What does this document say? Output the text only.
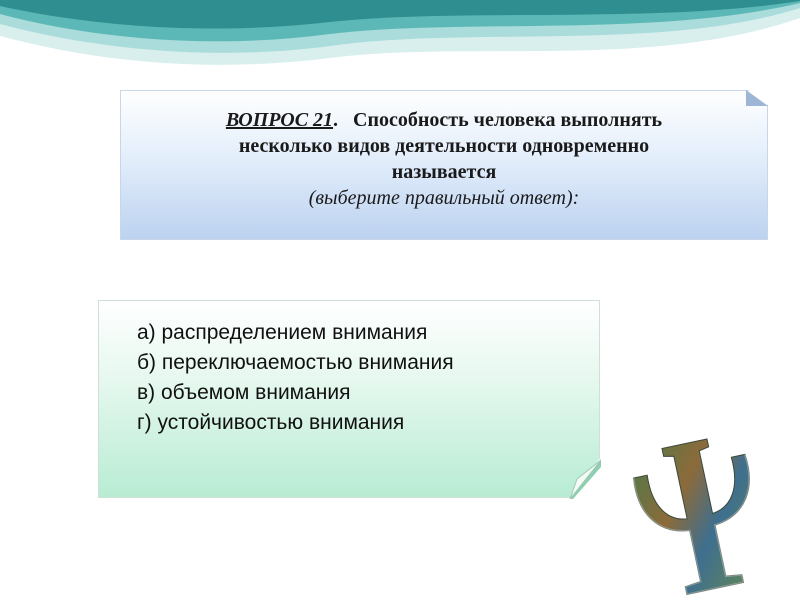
ВОПРОС 21. Способность человека выполнять
несколько видов деятельности одновременно
называется
(выберите правильный ответ):
а) распределением внимания
б) переключаемостью внимания
в) объемом внимания
г) устойчивостью внимания
